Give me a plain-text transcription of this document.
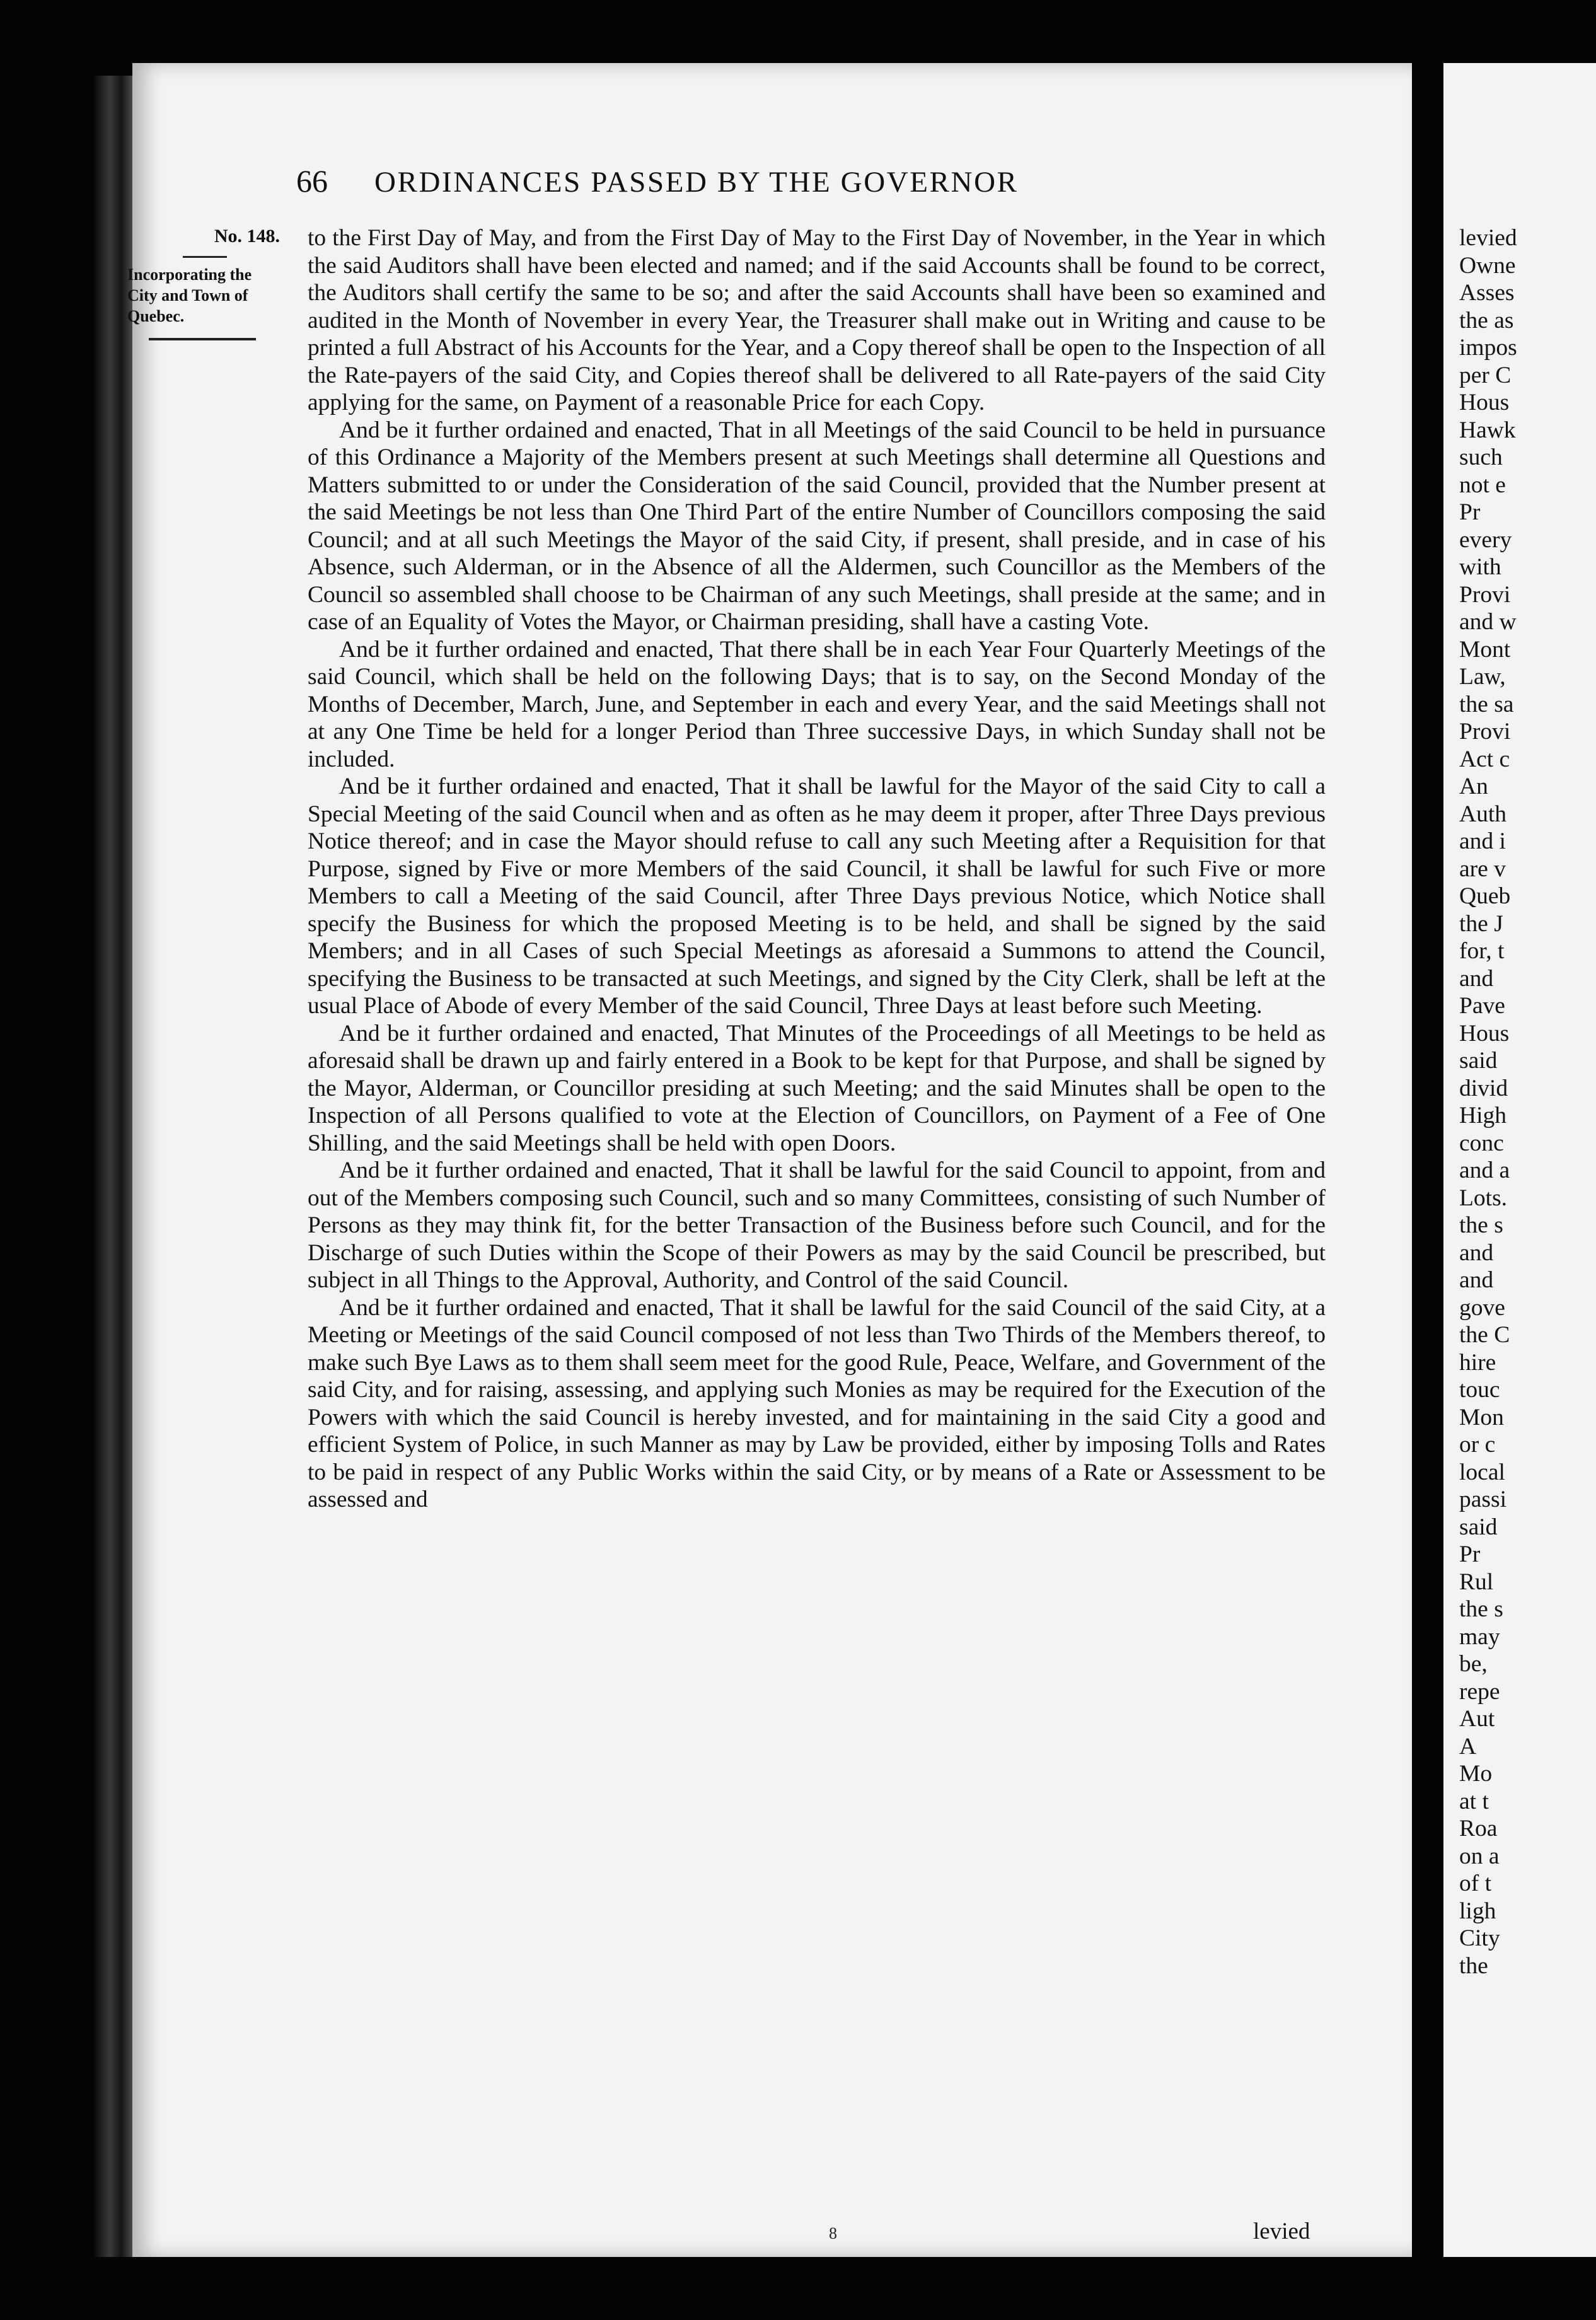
66 ORDINANCES PASSED BY THE GOVERNOR
No. 148.
Incorporating the City and Town of Quebec.

to the First Day of May, and from the First Day of May to the First Day of November, in the Year in which the said Auditors shall have been elected and named; and if the said Accounts shall be found to be correct, the Auditors shall certify the same to be so; and after the said Accounts shall have been so examined and audited in the Month of November in every Year, the Treasurer shall make out in Writing and cause to be printed a full Abstract of his Accounts for the Year, and a Copy thereof shall be open to the Inspection of all the Rate-payers of the said City, and Copies thereof shall be delivered to all Rate-payers of the said City applying for the same, on Payment of a reasonable Price for each Copy.

And be it further ordained and enacted, That in all Meetings of the said Council to be held in pursuance of this Ordinance a Majority of the Members present at such Meetings shall determine all Questions and Matters submitted to or under the Consideration of the said Council, provided that the Number present at the said Meetings be not less than One Third Part of the entire Number of Councillors composing the said Council; and at all such Meetings the Mayor of the said City, if present, shall preside, and in case of his Absence, such Alderman, or in the Absence of all the Aldermen, such Councillor as the Members of the Council so assembled shall choose to be Chairman of any such Meetings, shall preside at the same; and in case of an Equality of Votes the Mayor, or Chairman presiding, shall have a casting Vote.

And be it further ordained and enacted, That there shall be in each Year Four Quarterly Meetings of the said Council, which shall be held on the following Days; that is to say, on the Second Monday of the Months of December, March, June, and September in each and every Year, and the said Meetings shall not at any One Time be held for a longer Period than Three successive Days, in which Sunday shall not be included.

And be it further ordained and enacted, That it shall be lawful for the Mayor of the said City to call a Special Meeting of the said Council when and as often as he may deem it proper, after Three Days previous Notice thereof; and in case the Mayor should refuse to call any such Meeting after a Requisition for that Purpose, signed by Five or more Members of the said Council, it shall be lawful for such Five or more Members to call a Meeting of the said Council, after Three Days previous Notice, which Notice shall specify the Business for which the proposed Meeting is to be held, and shall be signed by the said Members; and in all Cases of such Special Meetings as aforesaid a Summons to attend the Council, specifying the Business to be transacted at such Meetings, and signed by the City Clerk, shall be left at the usual Place of Abode of every Member of the said Council, Three Days at least before such Meeting.

And be it further ordained and enacted, That Minutes of the Proceedings of all Meetings to be held as aforesaid shall be drawn up and fairly entered in a Book to be kept for that Purpose, and shall be signed by the Mayor, Alderman, or Councillor presiding at such Meeting; and the said Minutes shall be open to the Inspection of all Persons qualified to vote at the Election of Councillors, on Payment of a Fee of One Shilling, and the said Meetings shall be held with open Doors.

And be it further ordained and enacted, That it shall be lawful for the said Council to appoint, from and out of the Members composing such Council, such and so many Committees, consisting of such Number of Persons as they may think fit, for the better Transaction of the Business before such Council, and for the Discharge of such Duties within the Scope of their Powers as may by the said Council be prescribed, but subject in all Things to the Approval, Authority, and Control of the said Council.

And be it further ordained and enacted, That it shall be lawful for the said Council of the said City, at a Meeting or Meetings of the said Council composed of not less than Two Thirds of the Members thereof, to make such Bye Laws as to them shall seem meet for the good Rule, Peace, Welfare, and Government of the said City, and for raising, assessing, and applying such Monies as may be required for the Execution of the Powers with which the said Council is hereby invested, and for maintaining in the said City a good and efficient System of Police, in such Manner as may by Law be provided, either by imposing Tolls and Rates to be paid in respect of any Public Works within the said City, or by means of a Rate or Assessment to be assessed and

8	levied
levied
Owne
Asses
the as
impos
per C
Hous
Hawk
such
not e
Pr
every
with
Provi
and w
Mont
Law,
the sa
Provi
Act c
An
Auth
and i
are v
Queb
the J
for, t
and
Pave
Hous
said
divid
High
conc
and a
Lots.
the s
and
and
gove
the C
hire
touc
Mon
or c
local
passi
said
Pr
Rul
the s
may
be,
repe
Aut
A
Mo
at t
Roa
on a
of t
ligh
City
the
